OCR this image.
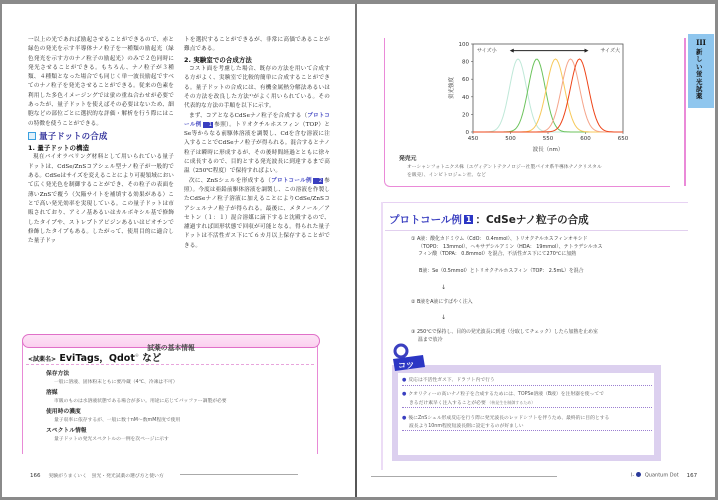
一以上の光であれば励起させることができるので、赤と緑色の発光を示す半導体ナノ粒子を一種類の励起光（緑色発光を示す方のナノ粒子の励起光）のみで２色同時に発光させることができる。もちろん、ナノ粒子が３種類、４種類となった場合でも同じく単一波長励起ですべてのナノ粒子を発光させることができる。従来の色素を利用した多色イメージングでは蛍の重ね合わせが必要であったが、量子ドットを使えばその必要はないため、細胞などの部位ごとに選択的な評価・解析を行う際にはこの特徴を使うことができる。

量子ドットの合成
1. 量子ドットの構造

現在バイオラベリング材料として用いられている量子ドットは、CdSe/ZnSコアシェル型ナノ粒子が一般的である。CdSeはサイズを変えることにより可視領域において広く発光色を制御することができ、その粒子の表面を薄いZnSで覆う（欠陥サイトを補填する効果がある）ことで高い発光効率を実現している。この量子ドットは市販されており、アミノ基あるいはカルボキシル基で修飾したタイプや、ストレプトアビジンあるいはビオチンで修飾したタイプもある。したがって、使用目的に適合した量子ドッ

トを選択することができるが、非常に高価であることが難点である。

2. 実験室での合成方法

コスト面を考慮した場合、既存の方法を用いて合成する方がよく、実験室で比較的簡単に合成することができる。量子ドットの合成には、有機金属熱分解法あるいはその方法を改良した方法¹⁾がよく用いられている。その代表的な方法の手順を以下に示す。

まず、コアとなるCdSeナノ粒子を合成する（プロトコール例 1 参照）。トリオクチルホスフィン（TOP）とSe等からなる前駆体溶液を調製し、Cdを含む溶液に注入することでCdSeナノ粒子が得られる。混合するとナノ粒子は瞬時に形成するが、その後時間経過とともに徐々に成長するので、目的とする発光波長に到達するまで高温（250℃程度）で保持すればよい。

次に、ZnSシェルを形成する（プロトコール例 2 参照）。今度は亜鉛前駆体溶液を調製し、この溶液を作製したCdSeナノ粒子溶液に加えることによりCdSe/ZnSコアシェルナノ粒子が得られる。最後に、メタノール／アセトン（１：１）混合溶媒に滴下すると沈殿するので、濾過すれば固形状態で回収が可能となる。得られた量子ドットは不活性ガス下にて６カ月以上保存することができる。

試薬の基本情報
<試薬名> EviTags，Qdot® など
保存方法
一般に溶液、固体粉末ともに要冷蔵（4℃、冷凍は不可）
溶媒
市販のものは水溶液状態である場合が多い。用途に応じてバッファー調製が必要
使用時の濃度
量子収率に依存するが、一般に数十nM～数mM程度で使用
スペクトル情報
量子ドットの発光スペクトルの一例を次ページに示す
166 実験がうまくいく　蛍光・発光試薬の選び方と使い方
450	500	550	600	650
0
20
40
60
80
100
波長（nm）
蛍光強度
サイズ小	サイズ大
発売元
オーシャンフォトニクス株（エヴィデントテクノロジー社製バイオ系半導体ナノクリスタル
を販売）、インビトロジェン社、など
III
新しい蛍光試薬
プロトコール例 1 ：CdSeナノ粒子の合成
① A液：酸化カドミウム（CdO： 0.4mmol）、トリオクチルホスフィンオキシド
（TOPO： 13mmol）、ヘキサデシルアミン（HDA： 19mmol）、テトラデシルホス
フィン酸（TDPA： 0.8mmol）を混合、不活性ガス下にて270℃に加熱
B液：Se（0.5mmol）とトリオクチルホスフィン（TOP： 2.5mL）を混合
↓
② B液をA液にすばやく注入
↓
③ 250℃で保持し、目的の発光波長に到達（分取してチェック）したら加熱を止め室
温まで放冷
● 反応は不活性ガス下、ドラフト内で行う
● クオリティーの高いナノ粒子を合成するためには、TOPSe溶液（B液）を注射器を使ってで
きるだけ素早く注入することが必要 （核発生を制御するため）
● 後にZnSシェル形成反応を行う際に発光波長のレッドシフトを伴うため、最終的に目的とする
波長より10nm程度短波長側に設定するのが好ましい
コツ
I- Quantum Dot 167
